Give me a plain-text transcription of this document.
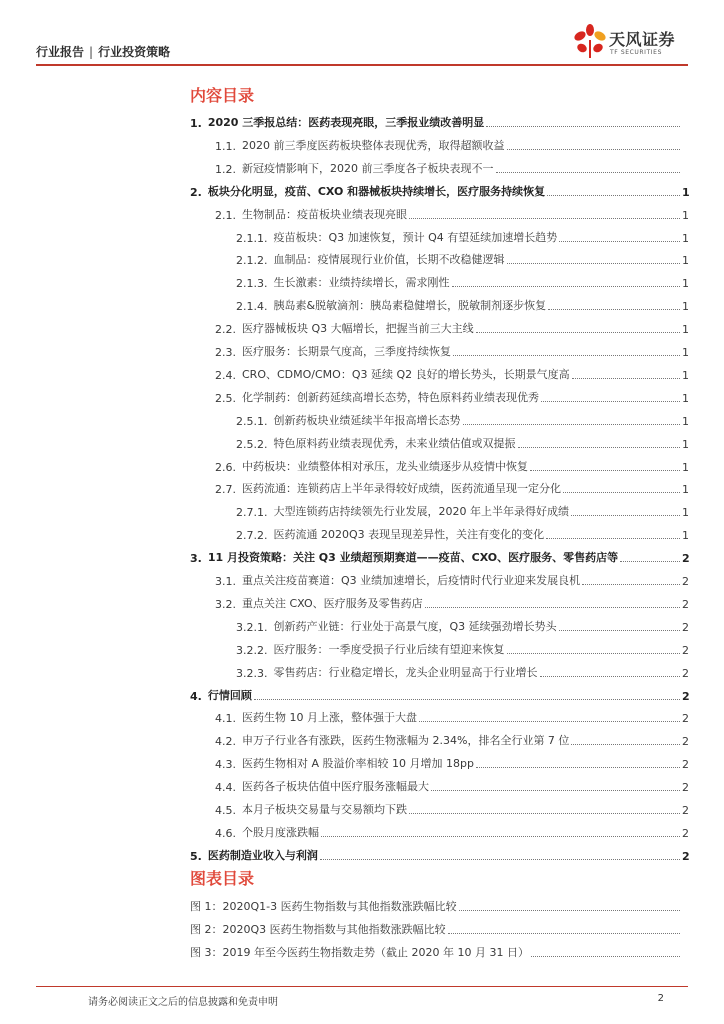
行业报告 | 行业投资策略
天风证券
TF SECURITIES
内容目录
1. 2020 三季报总结：医药表现亮眼，三季报业绩改善明显
1.1. 2020 前三季度医药板块整体表现优秀，取得超额收益
1.2. 新冠疫情影响下，2020 前三季度各子板块表现不一
2. 板块分化明显，疫苗、CXO 和器械板块持续增长，医疗服务持续恢复	1
2.1. 生物制品：疫苗板块业绩表现亮眼	1
2.1.1. 疫苗板块：Q3 加速恢复，预计 Q4 有望延续加速增长趋势	1
2.1.2. 血制品：疫情展现行业价值，长期不改稳健逻辑	1
2.1.3. 生长激素：业绩持续增长，需求刚性	1
2.1.4. 胰岛素&脱敏滴剂：胰岛素稳健增长，脱敏制剂逐步恢复	1
2.2. 医疗器械板块 Q3 大幅增长，把握当前三大主线	1
2.3. 医疗服务：长期景气度高，三季度持续恢复	1
2.4. CRO、CDMO/CMO：Q3 延续 Q2 良好的增长势头，长期景气度高	1
2.5. 化学制药：创新药延续高增长态势，特色原料药业绩表现优秀	1
2.5.1. 创新药板块业绩延续半年报高增长态势	1
2.5.2. 特色原料药业绩表现优秀，未来业绩估值或双提振	1
2.6. 中药板块：业绩整体相对承压，龙头业绩逐步从疫情中恢复	1
2.7. 医药流通：连锁药店上半年录得较好成绩，医药流通呈现一定分化	1
2.7.1. 大型连锁药店持续领先行业发展，2020 年上半年录得好成绩	1
2.7.2. 医药流通 2020Q3 表现呈现差异性，关注有变化的变化	1
3. 11 月投资策略：关注 Q3 业绩超预期赛道——疫苗、CXO、医疗服务、零售药店等	2
3.1. 重点关注疫苗赛道：Q3 业绩加速增长，后疫情时代行业迎来发展良机	2
3.2. 重点关注 CXO、医疗服务及零售药店	2
3.2.1. 创新药产业链：行业处于高景气度，Q3 延续强劲增长势头	2
3.2.2. 医疗服务：一季度受损子行业后续有望迎来恢复	2
3.2.3. 零售药店：行业稳定增长，龙头企业明显高于行业增长	2
4. 行情回顾	2
4.1. 医药生物 10 月上涨，整体强于大盘	2
4.2. 申万子行业各有涨跌，医药生物涨幅为 2.34%，排名全行业第 7 位	2
4.3. 医药生物相对 A 股溢价率相较 10 月增加 18pp	2
4.4. 医药各子板块估值中医疗服务涨幅最大	2
4.5. 本月子板块交易量与交易额均下跌	2
4.6. 个股月度涨跌幅	2
5. 医药制造业收入与利润	2
图表目录
图 1： 2020Q1-3 医药生物指数与其他指数涨跌幅比较
图 2： 2020Q3 医药生物指数与其他指数涨跌幅比较
图 3： 2019 年至今医药生物指数走势（截止 2020 年 10 月 31 日）
请务必阅读正文之后的信息披露和免责申明	2
